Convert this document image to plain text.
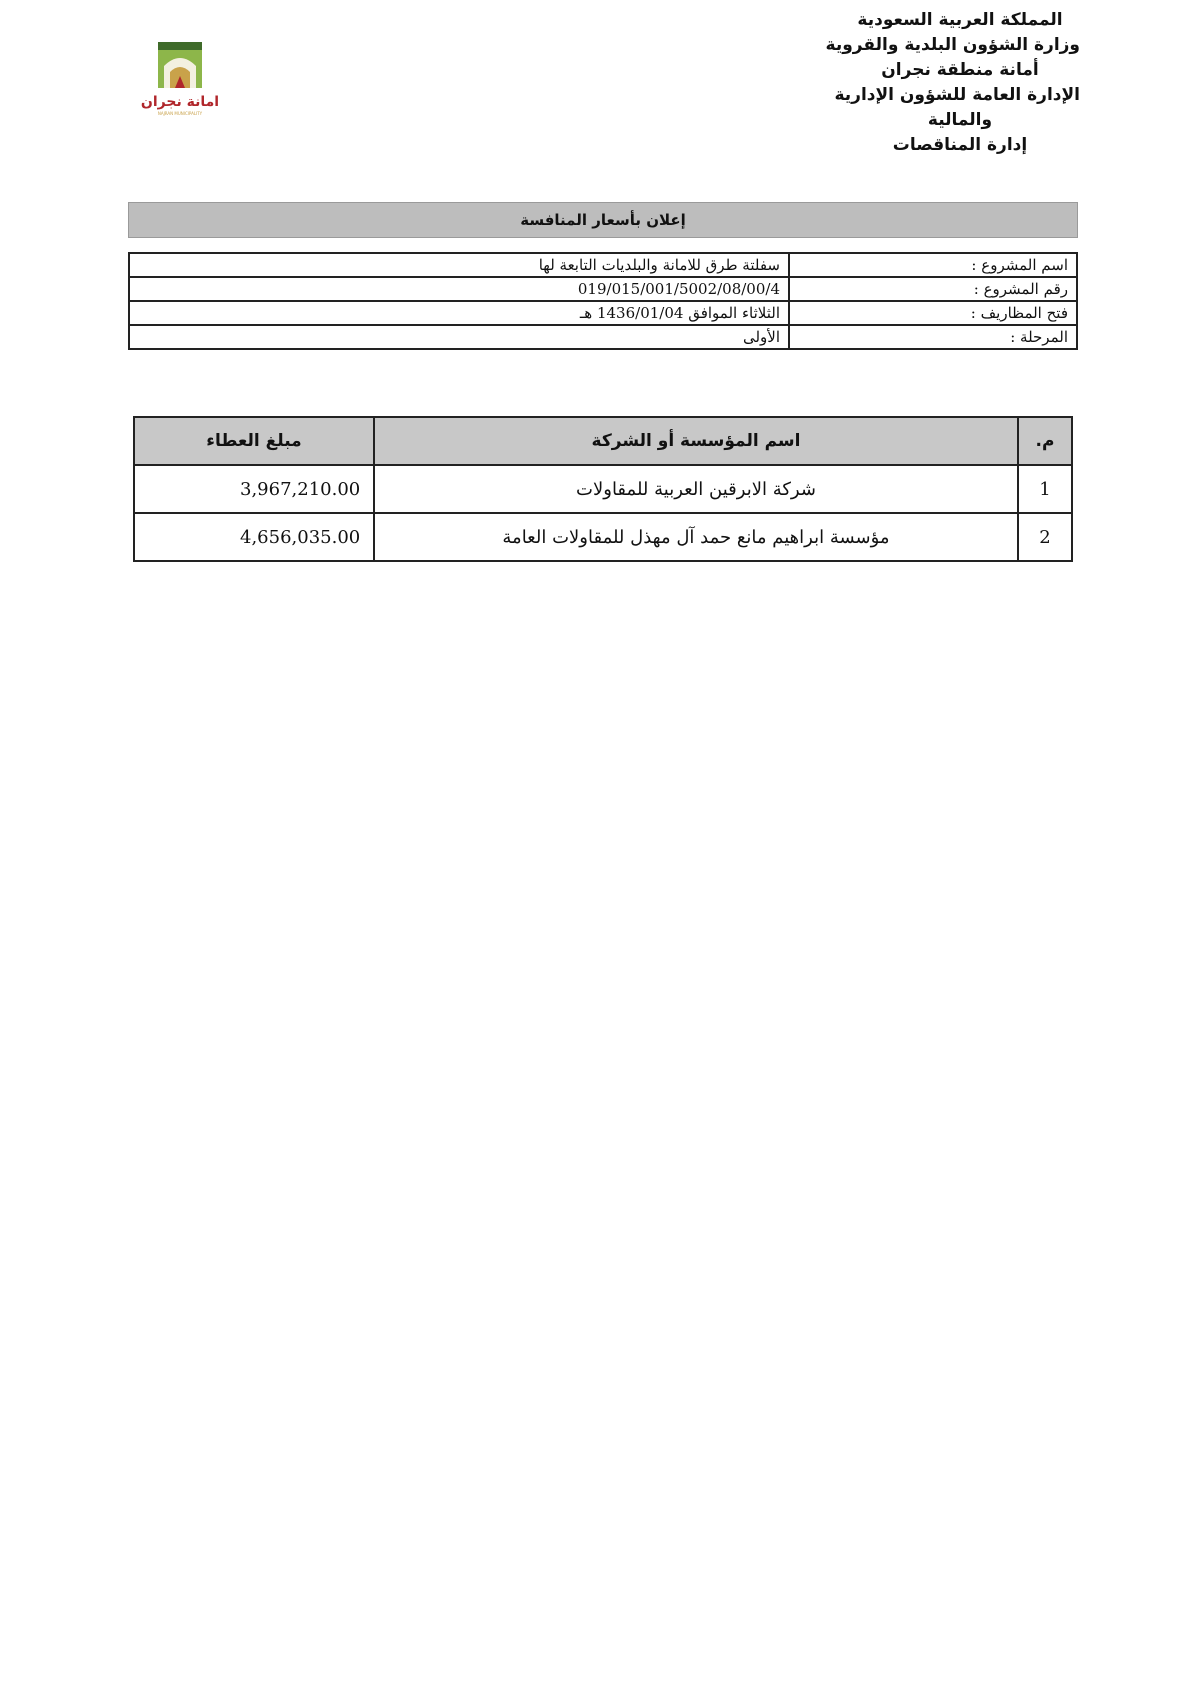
المملكة العربية السعودية
وزارة الشؤون البلدية والقروية
أمانة منطقة نجران
الإدارة العامة للشؤون الإدارية
والمالية
إدارة المناقصات
امانة نجران
NAJRAN MUNICIPALITY
إعلان بأسعار المنافسة
اسم المشروع :	سفلتة طرق للامانة والبلديات التابعة لها
رقم المشروع :	019/015/001/5002/08/00/4
فتح المظاريف :	الثلاثاء الموافق 1436/01/04 هـ
المرحلة :	الأولى
م.	اسم المؤسسة أو الشركة	مبلغ العطاء
1	شركة الابرقين العربية للمقاولات	3,967,210.00
2	مؤسسة ابراهيم مانع حمد آل مهذل للمقاولات العامة	4,656,035.00
